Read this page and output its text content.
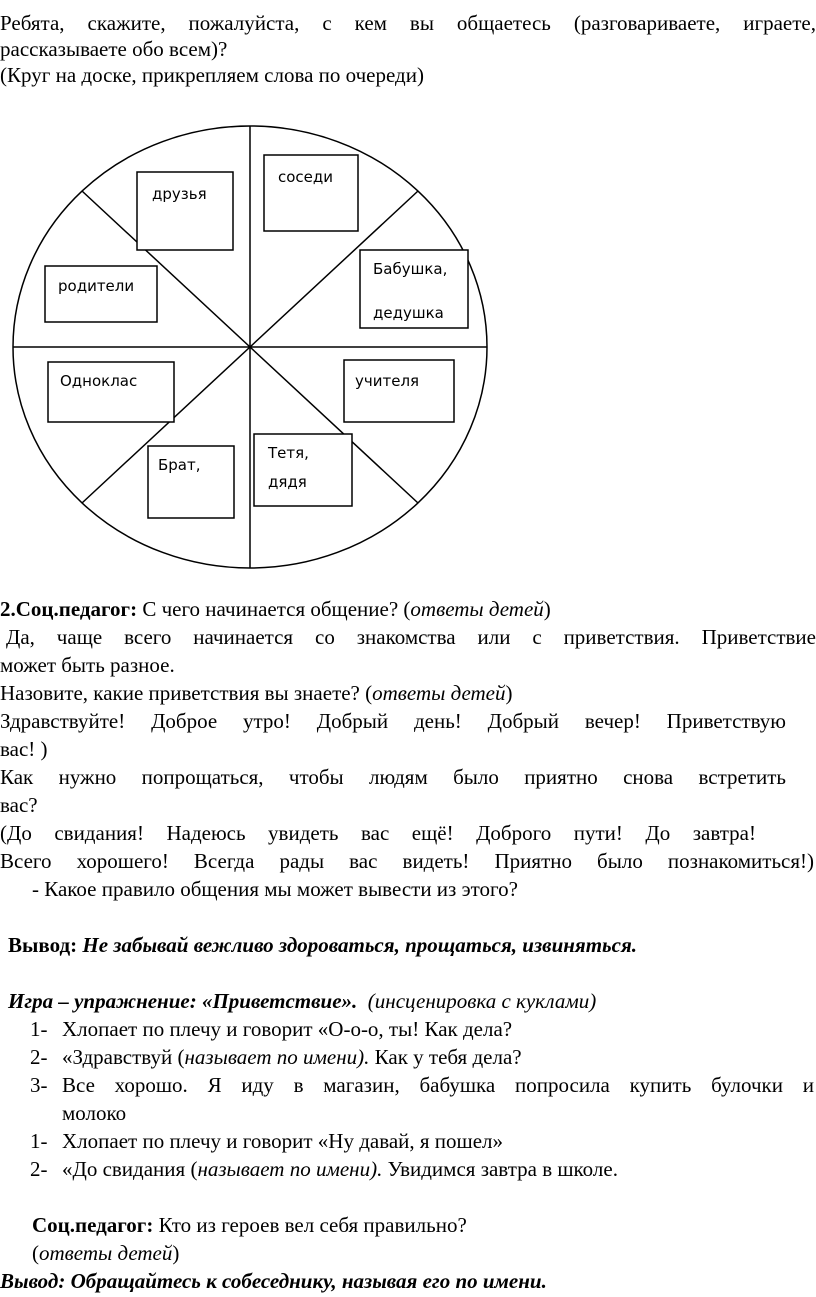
Ребята, скажите, пожалуйста, с кем вы общаетесь (разговариваете, играете,
рассказываете обо всем)?
(Круг на доске, прикрепляем слова по очереди)
друзья
соседи
Бабушка,
дедушка
учителя
Тетя,
дядя
Брат,
Одноклас
родители
2.Соц.педагог: С чего начинается общение? (ответы детей)
Да, чаще всего начинается со знакомства или с приветствия. Приветствие
может быть разное.
Назовите, какие приветствия вы знаете? (ответы детей)
Здравствуйте! Доброе утро! Добрый день! Добрый вечер! Приветствую
вас! )
Как нужно попрощаться, чтобы людям было приятно снова встретить
вас?
(До свидания! Надеюсь увидеть вас ещё! Доброго пути! До завтра!
Всего хорошего! Всегда рады вас видеть! Приятно было познакомиться!)
- Какое правило общения мы может вывести из этого?
Вывод: Не забывай вежливо здороваться, прощаться, извиняться.
Игра – упражнение: «Приветствие». (инсценировка с куклами)
1- Хлопает по плечу и говорит «О-о-о, ты! Как дела?
2- «Здравствуй (называет по имени). Как у тебя дела?
3- Все хорошо. Я иду в магазин, бабушка попросила купить булочки и
молоко
1- Хлопает по плечу и говорит «Ну давай, я пошел»
2- «До свидания (называет по имени). Увидимся завтра в школе.
Соц.педагог: Кто из героев вел себя правильно?
(ответы детей)
Вывод: Обращайтесь к собеседнику, называя его по имени.
